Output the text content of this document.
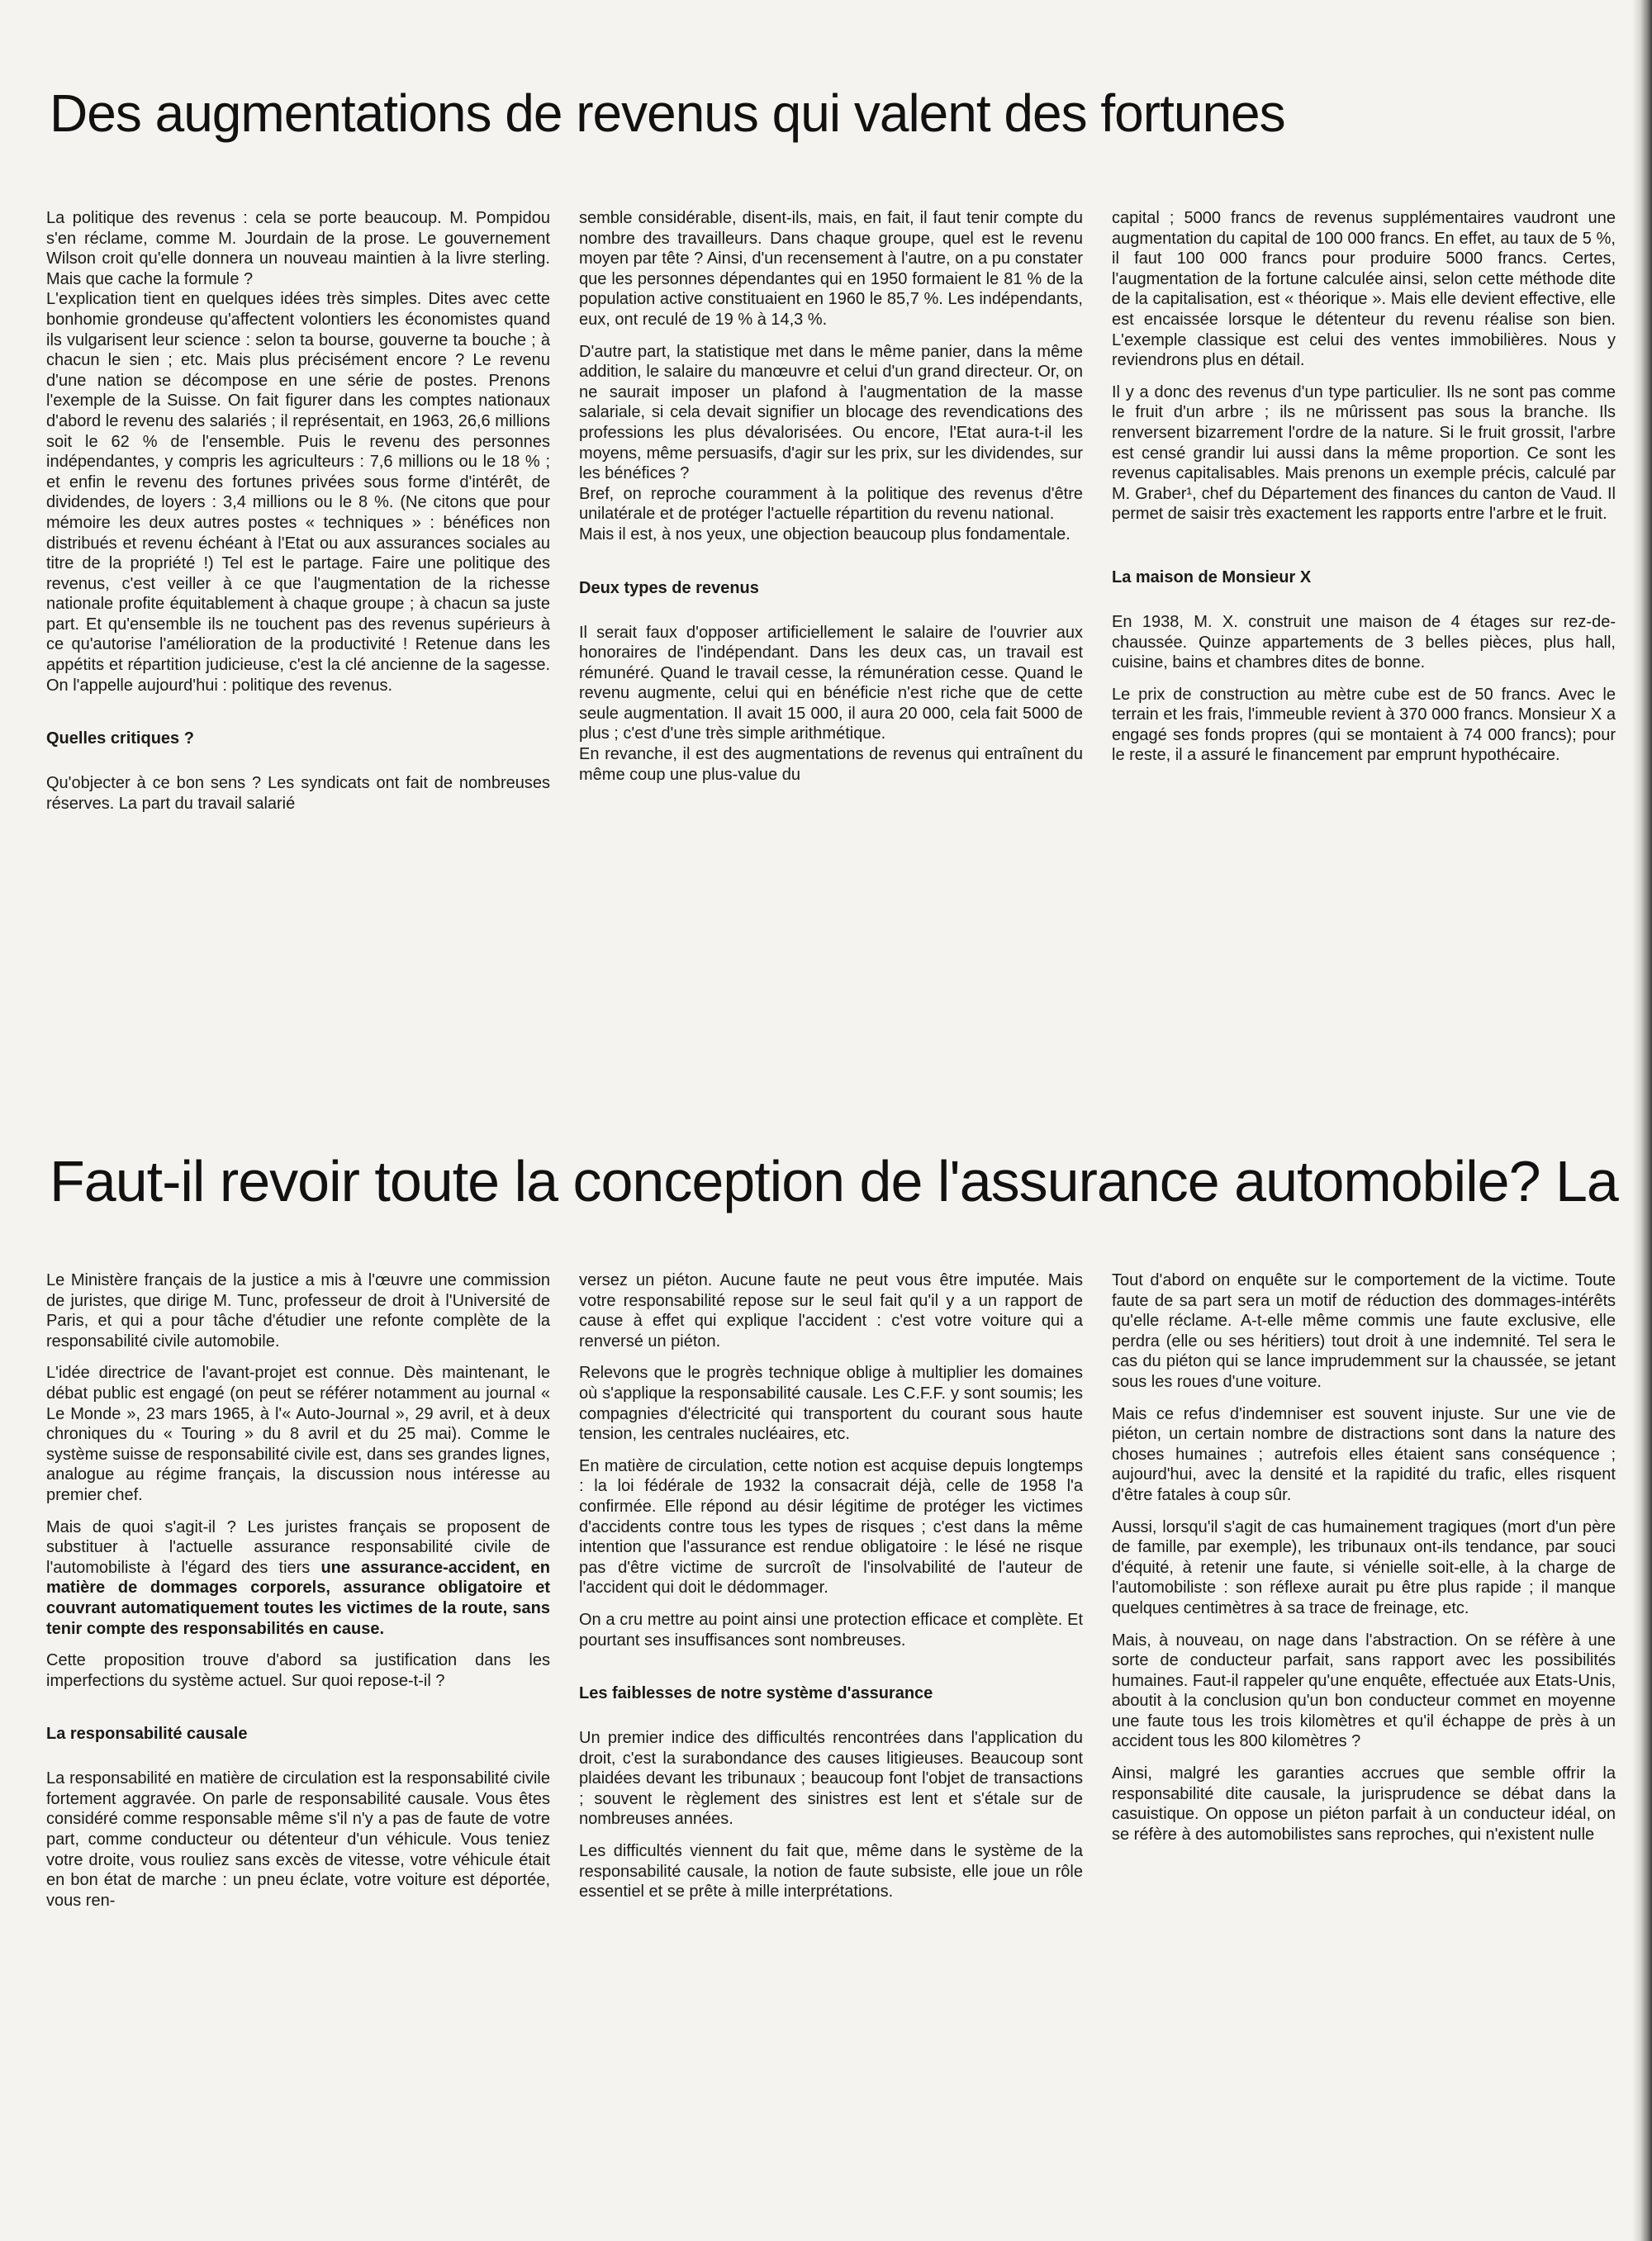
Des augmentations de revenus qui valent des fortunes

La politique des revenus : cela se porte beaucoup. M. Pompidou s'en réclame, comme M. Jourdain de la prose. Le gouvernement Wilson croit qu'elle donnera un nouveau maintien à la livre sterling. Mais que cache la formule ?

L'explication tient en quelques idées très simples. Dites avec cette bonhomie grondeuse qu'affectent volontiers les économistes quand ils vulgarisent leur science : selon ta bourse, gouverne ta bouche ; à chacun le sien ; etc. Mais plus précisément encore ? Le revenu d'une nation se décompose en une série de postes. Prenons l'exemple de la Suisse. On fait figurer dans les comptes nationaux d'abord le revenu des salariés ; il représentait, en 1963, 26,6 millions soit le 62 % de l'ensemble. Puis le revenu des personnes indépendantes, y compris les agriculteurs : 7,6 millions ou le 18 % ; et enfin le revenu des fortunes privées sous forme d'intérêt, de dividendes, de loyers : 3,4 millions ou le 8 %. (Ne citons que pour mémoire les deux autres postes « techniques » : bénéfices non distribués et revenu échéant à l'Etat ou aux assurances sociales au titre de la propriété !) Tel est le partage. Faire une politique des revenus, c'est veiller à ce que l'augmentation de la richesse nationale profite équitablement à chaque groupe ; à chacun sa juste part. Et qu'ensemble ils ne touchent pas des revenus supérieurs à ce qu'autorise l'amélioration de la productivité ! Retenue dans les appétits et répartition judicieuse, c'est la clé ancienne de la sagesse. On l'appelle aujourd'hui : politique des revenus.

Quelles critiques ?

Qu'objecter à ce bon sens ? Les syndicats ont fait de nombreuses réserves. La part du travail salarié

semble considérable, disent-ils, mais, en fait, il faut tenir compte du nombre des travailleurs. Dans chaque groupe, quel est le revenu moyen par tête ? Ainsi, d'un recensement à l'autre, on a pu constater que les personnes dépendantes qui en 1950 formaient le 81 % de la population active constituaient en 1960 le 85,7 %. Les indépendants, eux, ont reculé de 19 % à 14,3 %.

D'autre part, la statistique met dans le même panier, dans la même addition, le salaire du manœuvre et celui d'un grand directeur. Or, on ne saurait imposer un plafond à l'augmentation de la masse salariale, si cela devait signifier un blocage des revendications des professions les plus dévalorisées. Ou encore, l'Etat aura-t-il les moyens, même persuasifs, d'agir sur les prix, sur les dividendes, sur les bénéfices ?

Bref, on reproche couramment à la politique des revenus d'être unilatérale et de protéger l'actuelle répartition du revenu national.

Mais il est, à nos yeux, une objection beaucoup plus fondamentale.

Deux types de revenus

Il serait faux d'opposer artificiellement le salaire de l'ouvrier aux honoraires de l'indépendant. Dans les deux cas, un travail est rémunéré. Quand le travail cesse, la rémunération cesse. Quand le revenu augmente, celui qui en bénéficie n'est riche que de cette seule augmentation. Il avait 15 000, il aura 20 000, cela fait 5000 de plus ; c'est d'une très simple arithmétique.

En revanche, il est des augmentations de revenus qui entraînent du même coup une plus-value du

capital ; 5000 francs de revenus supplémentaires vaudront une augmentation du capital de 100 000 francs. En effet, au taux de 5 %, il faut 100 000 francs pour produire 5000 francs. Certes, l'augmentation de la fortune calculée ainsi, selon cette méthode dite de la capitalisation, est « théorique ». Mais elle devient effective, elle est encaissée lorsque le détenteur du revenu réalise son bien. L'exemple classique est celui des ventes immobilières. Nous y reviendrons plus en détail.

Il y a donc des revenus d'un type particulier. Ils ne sont pas comme le fruit d'un arbre ; ils ne mûrissent pas sous la branche. Ils renversent bizarrement l'ordre de la nature. Si le fruit grossit, l'arbre est censé grandir lui aussi dans la même proportion. Ce sont les revenus capitalisables. Mais prenons un exemple précis, calculé par M. Graber¹, chef du Département des finances du canton de Vaud. Il permet de saisir très exactement les rapports entre l'arbre et le fruit.

La maison de Monsieur X

En 1938, M. X. construit une maison de 4 étages sur rez-de-chaussée. Quinze appartements de 3 belles pièces, plus hall, cuisine, bains et chambres dites de bonne.

Le prix de construction au mètre cube est de 50 francs. Avec le terrain et les frais, l'immeuble revient à 370 000 francs. Monsieur X a engagé ses fonds propres (qui se montaient à 74 000 francs); pour le reste, il a assuré le financement par emprunt hypothécaire.

Faut-il revoir toute la conception de l'assurance automobile? La

Le Ministère français de la justice a mis à l'œuvre une commission de juristes, que dirige M. Tunc, professeur de droit à l'Université de Paris, et qui a pour tâche d'étudier une refonte complète de la responsabilité civile automobile.

L'idée directrice de l'avant-projet est connue. Dès maintenant, le débat public est engagé (on peut se référer notamment au journal « Le Monde », 23 mars 1965, à l'« Auto-Journal », 29 avril, et à deux chroniques du « Touring » du 8 avril et du 25 mai). Comme le système suisse de responsabilité civile est, dans ses grandes lignes, analogue au régime français, la discussion nous intéresse au premier chef.

Mais de quoi s'agit-il ? Les juristes français se proposent de substituer à l'actuelle assurance responsabilité civile de l'automobiliste à l'égard des tiers une assurance-accident, en matière de dommages corporels, assurance obligatoire et couvrant automatiquement toutes les victimes de la route, sans tenir compte des responsabilités en cause.

Cette proposition trouve d'abord sa justification dans les imperfections du système actuel. Sur quoi repose-t-il ?

La responsabilité causale

La responsabilité en matière de circulation est la responsabilité civile fortement aggravée. On parle de responsabilité causale. Vous êtes considéré comme responsable même s'il n'y a pas de faute de votre part, comme conducteur ou détenteur d'un véhicule. Vous teniez votre droite, vous rouliez sans excès de vitesse, votre véhicule était en bon état de marche : un pneu éclate, votre voiture est déportée, vous ren-

versez un piéton. Aucune faute ne peut vous être imputée. Mais votre responsabilité repose sur le seul fait qu'il y a un rapport de cause à effet qui explique l'accident : c'est votre voiture qui a renversé un piéton.

Relevons que le progrès technique oblige à multiplier les domaines où s'applique la responsabilité causale. Les C.F.F. y sont soumis; les compagnies d'électricité qui transportent du courant sous haute tension, les centrales nucléaires, etc.

En matière de circulation, cette notion est acquise depuis longtemps : la loi fédérale de 1932 la consacrait déjà, celle de 1958 l'a confirmée. Elle répond au désir légitime de protéger les victimes d'accidents contre tous les types de risques ; c'est dans la même intention que l'assurance est rendue obligatoire : le lésé ne risque pas d'être victime de surcroît de l'insolvabilité de l'auteur de l'accident qui doit le dédommager.

On a cru mettre au point ainsi une protection efficace et complète. Et pourtant ses insuffisances sont nombreuses.

Les faiblesses de notre système d'assurance

Un premier indice des difficultés rencontrées dans l'application du droit, c'est la surabondance des causes litigieuses. Beaucoup sont plaidées devant les tribunaux ; beaucoup font l'objet de transactions ; souvent le règlement des sinistres est lent et s'étale sur de nombreuses années.

Les difficultés viennent du fait que, même dans le système de la responsabilité causale, la notion de faute subsiste, elle joue un rôle essentiel et se prête à mille interprétations.

Tout d'abord on enquête sur le comportement de la victime. Toute faute de sa part sera un motif de réduction des dommages-intérêts qu'elle réclame. A-t-elle même commis une faute exclusive, elle perdra (elle ou ses héritiers) tout droit à une indemnité. Tel sera le cas du piéton qui se lance imprudemment sur la chaussée, se jetant sous les roues d'une voiture.

Mais ce refus d'indemniser est souvent injuste. Sur une vie de piéton, un certain nombre de distractions sont dans la nature des choses humaines ; autrefois elles étaient sans conséquence ; aujourd'hui, avec la densité et la rapidité du trafic, elles risquent d'être fatales à coup sûr.

Aussi, lorsqu'il s'agit de cas humainement tragiques (mort d'un père de famille, par exemple), les tribunaux ont-ils tendance, par souci d'équité, à retenir une faute, si vénielle soit-elle, à la charge de l'automobiliste : son réflexe aurait pu être plus rapide ; il manque quelques centimètres à sa trace de freinage, etc.

Mais, à nouveau, on nage dans l'abstraction. On se réfère à une sorte de conducteur parfait, sans rapport avec les possibilités humaines. Faut-il rappeler qu'une enquête, effectuée aux Etats-Unis, aboutit à la conclusion qu'un bon conducteur commet en moyenne une faute tous les trois kilomètres et qu'il échappe de près à un accident tous les 800 kilomètres ?

Ainsi, malgré les garanties accrues que semble offrir la responsabilité dite causale, la jurisprudence se débat dans la casuistique. On oppose un piéton parfait à un conducteur idéal, on se réfère à des automobilistes sans reproches, qui n'existent nulle
